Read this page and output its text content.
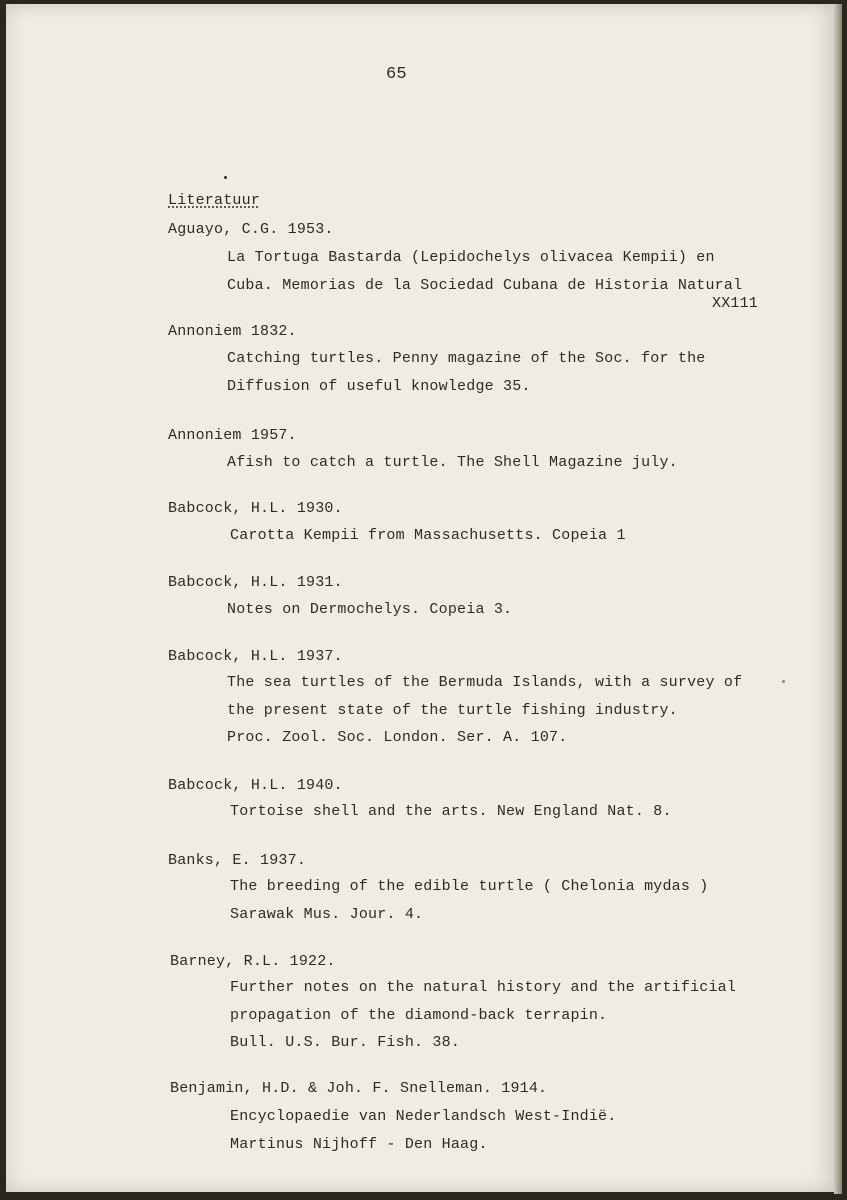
65

Literatuur

Aguayo, C.G. 1953.

La Tortuga Bastarda (Lepidochelys olivacea Kempii) en

Cuba. Memorias de la Sociedad Cubana de Historia Natural

XX111

Annoniem 1832.

Catching turtles. Penny magazine of the Soc. for the

Diffusion of useful knowledge 35.

Annoniem 1957.

Afish to catch a turtle. The Shell Magazine july.

Babcock, H.L. 1930.

Carotta Kempii from Massachusetts. Copeia 1

Babcock, H.L. 1931.

Notes on Dermochelys. Copeia 3.

Babcock, H.L. 1937.

The sea turtles of the Bermuda Islands, with a survey of

the present state of the turtle fishing industry.

Proc. Zool. Soc. London. Ser. A. 107.

Babcock, H.L. 1940.

Tortoise shell and the arts. New England Nat. 8.

Banks, E. 1937.

The breeding of the edible turtle ( Chelonia mydas )

Sarawak Mus. Jour. 4.

Barney, R.L. 1922.

Further notes on the natural history and the artificial

propagation of the diamond-back terrapin.

Bull. U.S. Bur. Fish. 38.

Benjamin, H.D. & Joh. F. Snelleman. 1914.

Encyclopaedie van Nederlandsch West-Indië.

Martinus Nijhoff - Den Haag.
